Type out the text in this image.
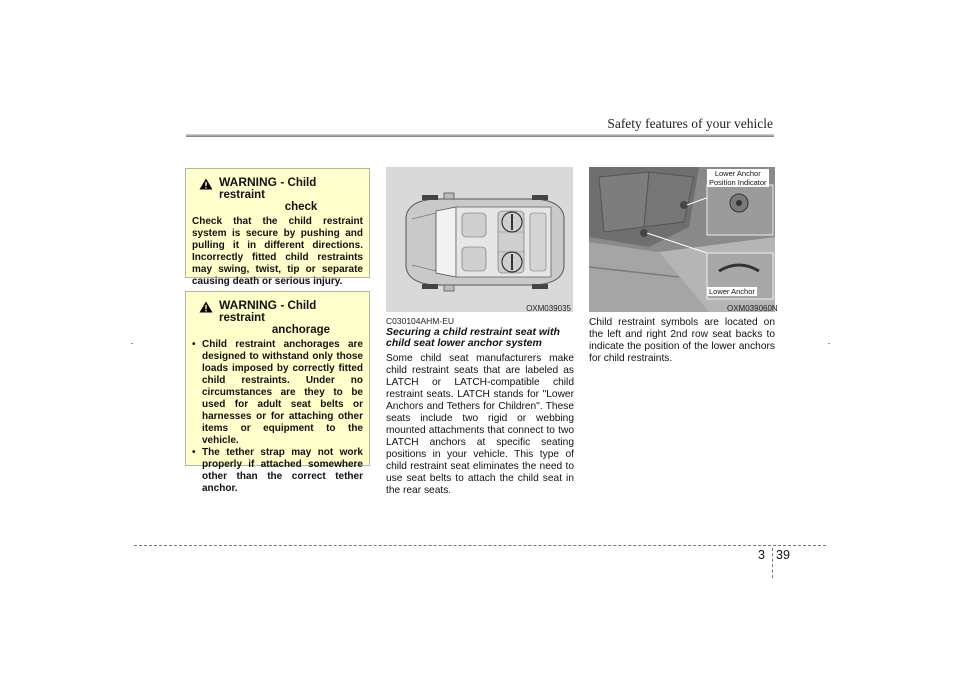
Safety features of your vehicle
WARNING - Child restraint
check

Check that the child restraint system is secure by pushing and pulling it in different directions. Incorrectly fitted child restraints may swing, twist, tip or separate causing death or serious injury.

WARNING - Child restraint
anchorage
• Child restraint anchorages are designed to withstand only those loads imposed by correctly fitted child restraints. Under no circumstances are they to be used for adult seat belts or harnesses or for attaching other items or equipment to the vehicle.
• The tether strap may not work properly if attached somewhere other than the correct tether anchor.
OXM039035
Lower Anchor
Position Indicator
Lower Anchor
OXM039060N
C030104AHM-EU
Securing a child restraint seat with child seat lower anchor system

Some child seat manufacturers make child restraint seats that are labeled as LATCH or LATCH-compatible child restraint seats. LATCH stands for "Lower Anchors and Tethers for Children". These seats include two rigid or webbing mounted attachments that connect to two LATCH anchors at specific seating positions in your vehicle. This type of child restraint seat eliminates the need to use seat belts to attach the child seat in the rear seats.

Child restraint symbols are located on the left and right 2nd row seat backs to indicate the position of the lower anchors for child restraints.

3 39
